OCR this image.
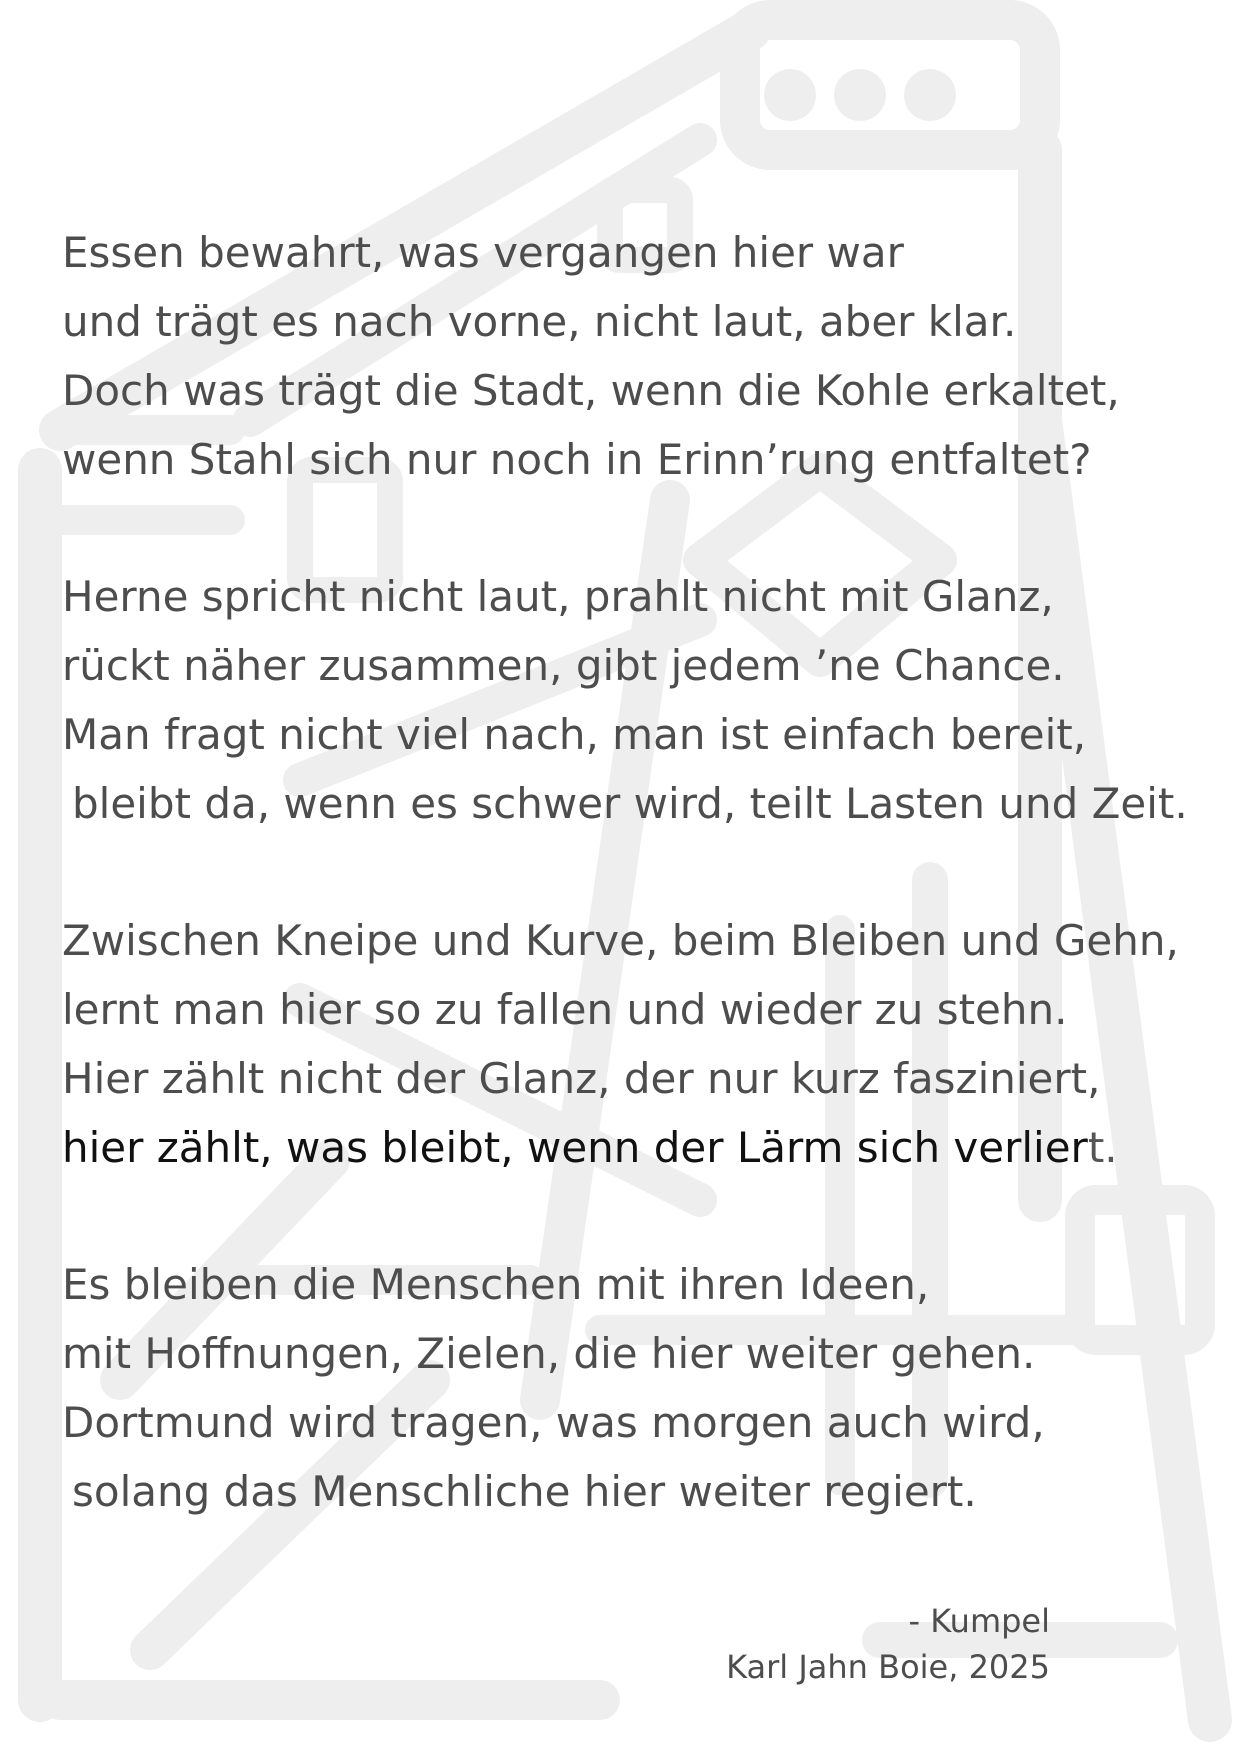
Essen bewahrt, was vergangen hier war
und trägt es nach vorne, nicht laut, aber klar.
Doch was trägt die Stadt, wenn die Kohle erkaltet,
wenn Stahl sich nur noch in Erinn’rung entfaltet?
Herne spricht nicht laut, prahlt nicht mit Glanz,
rückt näher zusammen, gibt jedem ’ne Chance.
Man fragt nicht viel nach, man ist einfach bereit,
bleibt da, wenn es schwer wird, teilt Lasten und Zeit.
Zwischen Kneipe und Kurve, beim Bleiben und Gehn,
lernt man hier so zu fallen und wieder zu stehn.
Hier zählt nicht der Glanz, der nur kurz fasziniert,
hier zählt, was bleibt, wenn der Lärm sich verliert.
Es bleiben die Menschen mit ihren Ideen,
mit Hoffnungen, Zielen, die hier weiter gehen.
Dortmund wird tragen, was morgen auch wird,
solang das Menschliche hier weiter regiert.
- Kumpel
Karl Jahn Boie, 2025
